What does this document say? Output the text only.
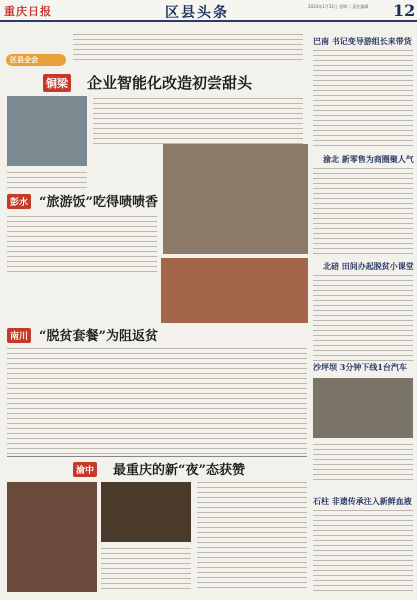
重庆日报	区县头条	2023年1月31日 星期二 责任编辑	12
区县全会
铜梁 企业智能化改造初尝甜头
彭水 “旅游饭”吃得啧啧香
南川 “脱贫套餐”为阻返贫
渝中 最重庆的新“夜”态获赞
巴南 书记变导游组长来带货
渝北 新零售为商圈聚人气
北碚 田间办起脱贫小课堂
沙坪坝 3分钟下线1台汽车
石柱 非遗传承注入新鲜血液
